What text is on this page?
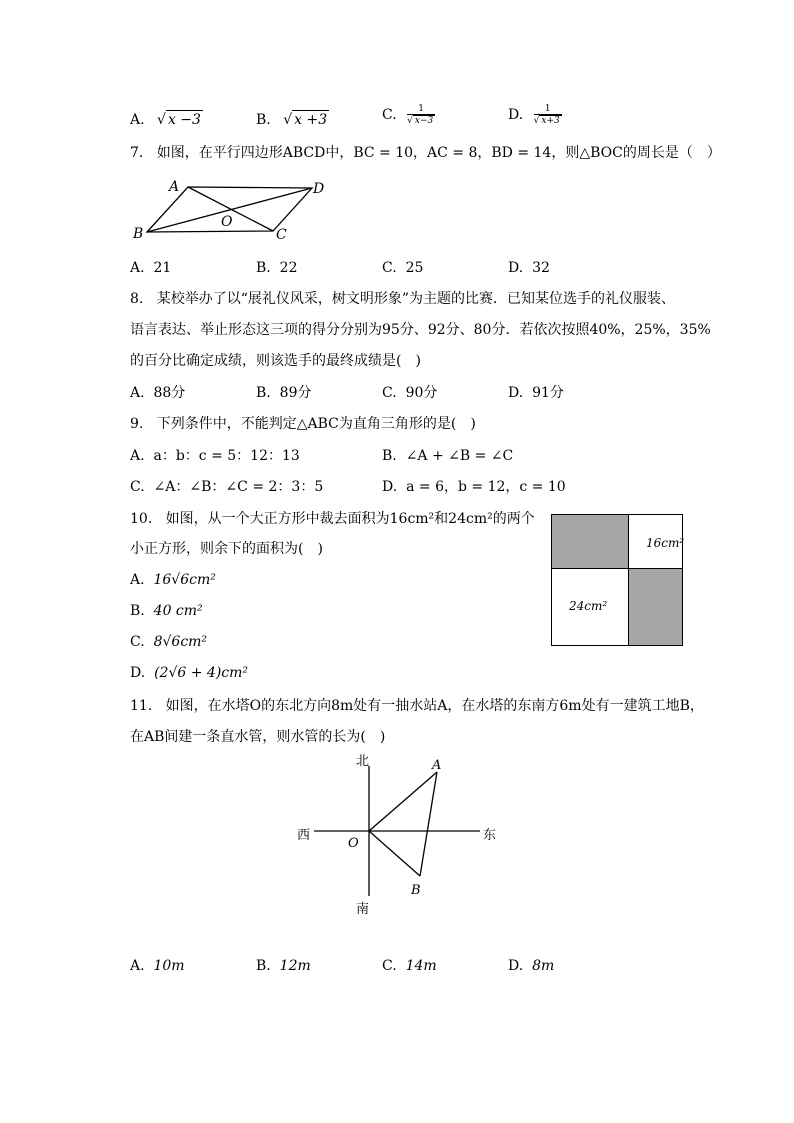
A. √ x −3	B. √ x +3	C. $\frac{1}{√ x-3}$	D. $\frac{1}{√ x+3}$
7. 如图，在平行四边形ABCD中，BC = 10，AC = 8，BD = 14，则△BOC的周长是（　）
A	D
B	C
O
A. 21	B. 22	C. 25	D. 32
8. 某校举办了以“展礼仪风采，树文明形象”为主题的比赛．已知某位选手的礼仪服装、
语言表达、举止形态这三项的得分分别为95分、92分、80分．若依次按照40%，25%，35%
的百分比确定成绩，则该选手的最终成绩是(　)
A. 88分	B. 89分	C. 90分	D. 91分
9. 下列条件中，不能判定△ABC为直角三角形的是(　)
A. a：b：c = 5：12：13	B. ∠A + ∠B = ∠C
C. ∠A：∠B：∠C = 2：3：5	D. a = 6，b = 12，c = 10
10. 如图，从一个大正方形中裁去面积为16cm²和24cm²的两个
小正方形，则余下的面积为(　)	16cm²
24cm²
A. 16√6cm²
B. 40 cm²
C. 8√6cm²
D. (2√6 + 4)cm²
11. 如图，在水塔O的东北方向8m处有一抽水站A，在水塔的东南方6m处有一建筑工地B，
在AB间建一条直水管，则水管的长为(　)
北
南
西	东
O
A
B
A. 10m	B. 12m	C. 14m	D. 8m
